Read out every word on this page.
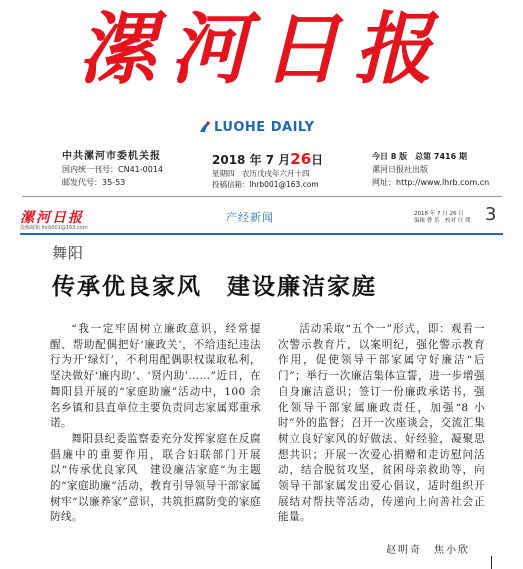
漯河日报
LUOHE DAILY
中共漯河市委机关报
国内统一刊号：CN41-0014
邮发代号：35-53
2018 年 7 月26日
星期四　农历戊戌年六月十四
投稿信箱：lhrb001@163.com
今日 8 版　 总第 7416 期
漯河日报社出版
网址：http://www.lhrb.com.cn
漯河日报
投稿邮箱 lhrb001@163.com
产经新闻	2018 年 7 月 26 日
编辑 曹 乐　校对 汪 璞 3
舞阳
传承优良家风　建设廉洁家庭

“我一定牢固树立廉政意识，经常提醒、帮助配偶把好‘廉政关’，不给违纪违法行为开‘绿灯’，不利用配偶职权谋取私利，坚决做好‘廉内助’、‘贤内助’……”近日，在舞阳县开展的“家庭助廉”活动中，100 余名乡镇和县直单位主要负责同志家属郑重承诺。

舞阳县纪委监察委充分发挥家庭在反腐倡廉中的重要作用，联合妇联部门开展以“传承优良家风　建设廉洁家庭”为主题的“家庭助廉”活动，教育引导领导干部家属树牢“以廉养家”意识，共筑拒腐防变的家庭防线。

活动采取“五个一”形式，即：观看一次警示教育片，以案明纪，强化警示教育作用，促使领导干部家属守好廉洁“后门”；举行一次廉洁集体宣誓，进一步增强自身廉洁意识；签订一份廉政承诺书，强化领导干部家属廉政责任，加强“8 小时”外的监督；召开一次座谈会，交流汇集树立良好家风的好做法、好经验，凝聚思想共识；开展一次爱心捐赠和走访慰问活动，结合脱贫攻坚，贫困母亲救助等，向领导干部家属发出爱心倡议，适时组织开展结对帮扶等活动，传递向上向善社会正能量。

赵明奇　焦小欣
